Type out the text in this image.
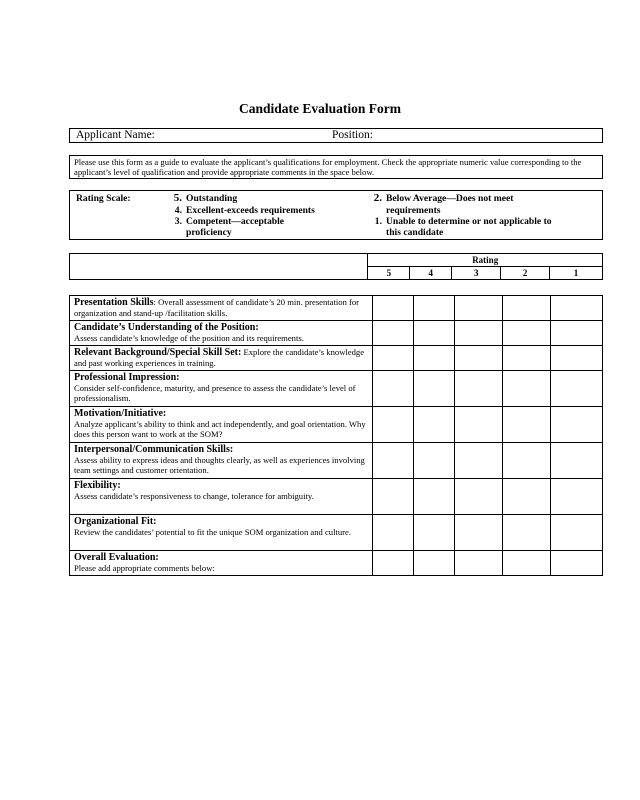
Candidate Evaluation Form
Applicant Name:	Position:
Please use this form as a guide to evaluate the applicant’s qualifications for employment. Check the appropriate numeric value corresponding to the applicant’s level of qualification and provide appropriate comments in the space below.
Rating Scale:	5. Outstanding
4. Excellent-exceeds requirements
3. Competent—acceptable
proficiency
2. Below Average—Does not meet
requirements
1. Unable to determine or not applicable to
this candidate
	Rating				
	5	4	3	2	1
Presentation Skills: Overall assessment of candidate’s 20 min. presentation for organization and stand-up /facilitation skills.					
Candidate’s Understanding of the Position:
Assess candidate’s knowledge of the position and its requirements.					

Relevant Background/Special Skill Set: Explore the candidate’s knowledge and past working experiences in training.					
Professional Impression:
Consider self-confidence, maturity, and presence to assess the candidate’s level of professionalism.					

Motivation/Initiative:
Analyze applicant’s ability to think and act independently, and goal orientation. Why does this person want to work at the SOM?					

Interpersonal/Communication Skills:
Assess ability to express ideas and thoughts clearly, as well as experiences involving team settings and customer orientation.					

Flexibility:
Assess candidate’s responsiveness to change, tolerance for ambiguity.					

Organizational Fit:
Review the candidates’ potential to fit the unique SOM organization and culture.					

Overall Evaluation:
Please add appropriate comments below:					
